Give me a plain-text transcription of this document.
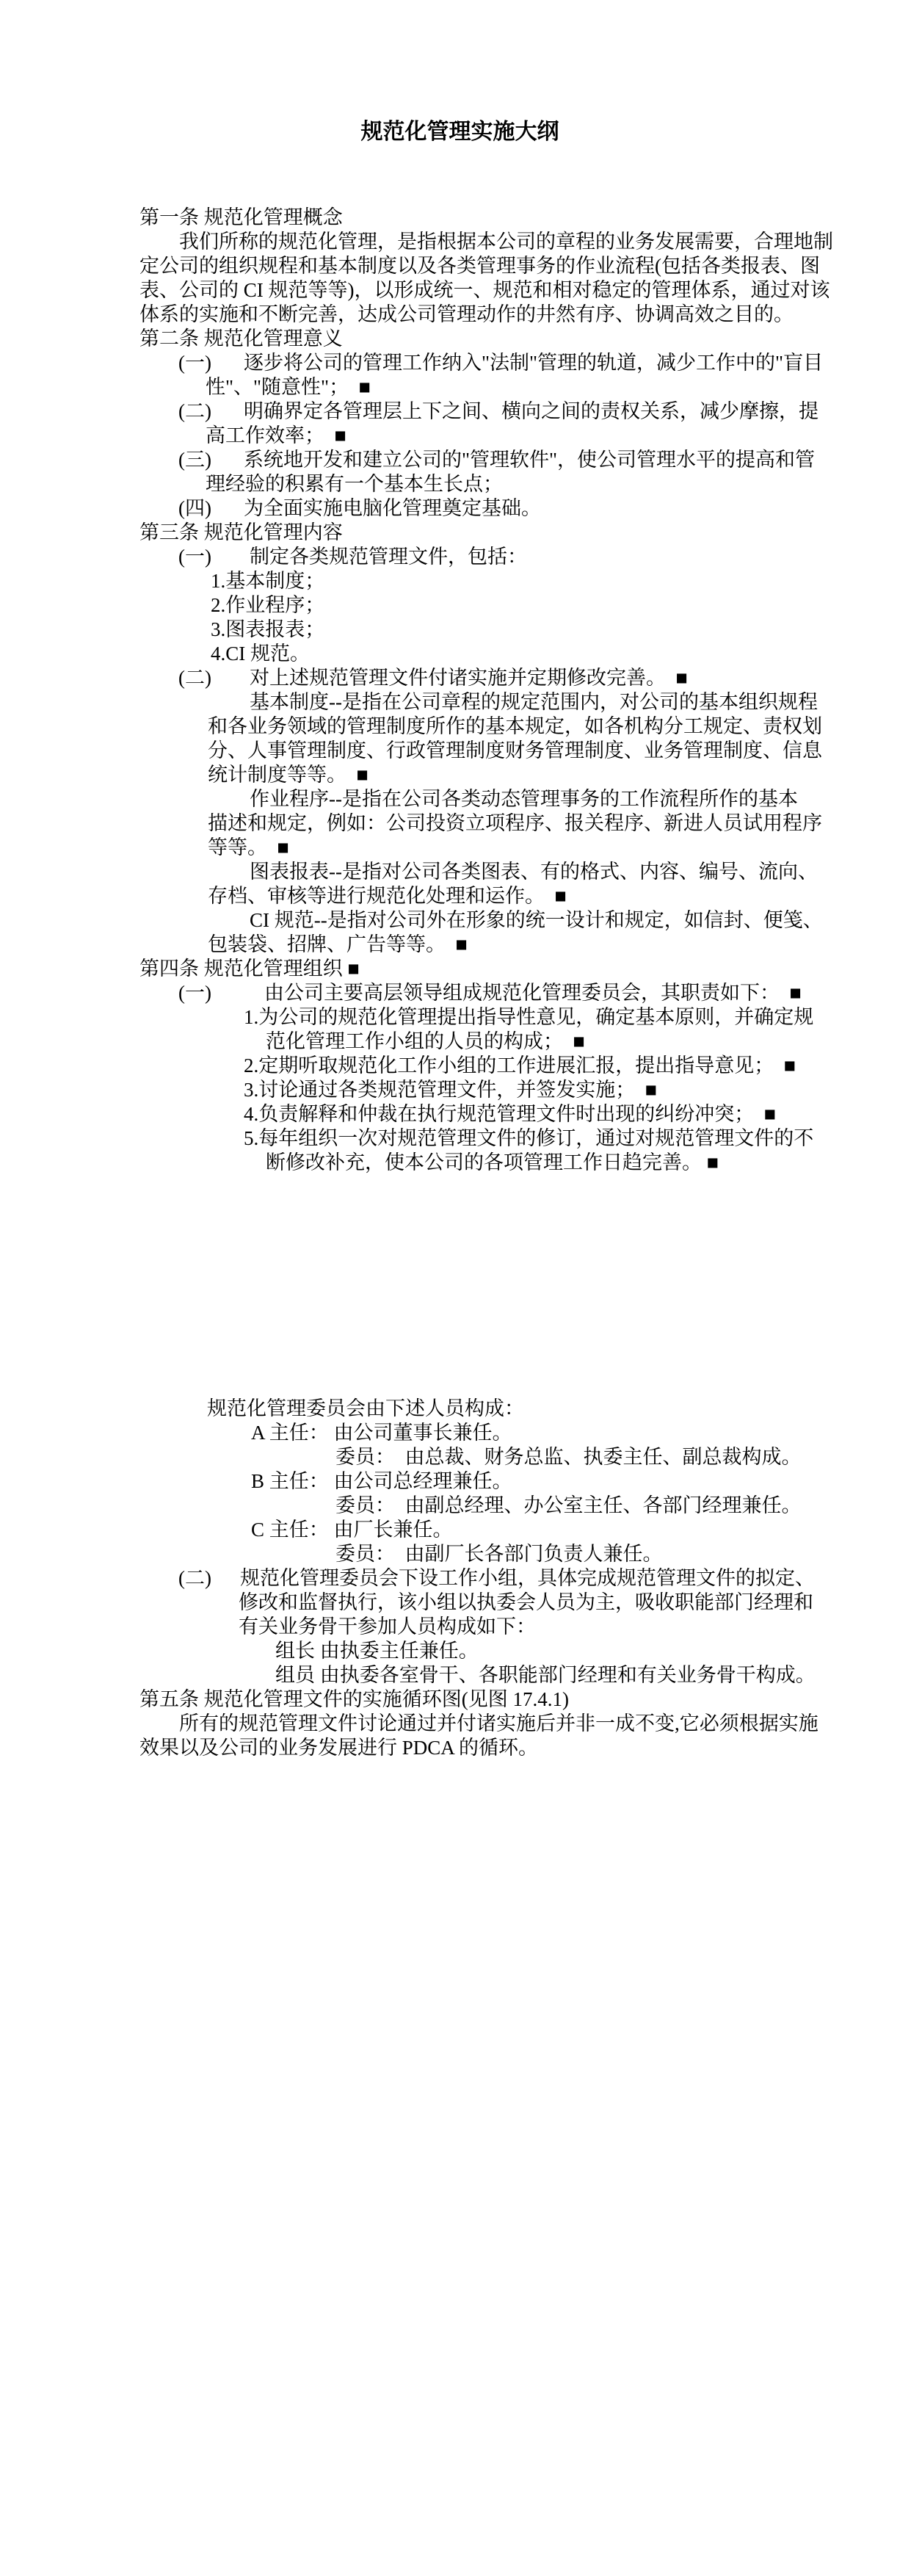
规范化管理实施大纲
第一条 规范化管理概念
我们所称的规范化管理，是指根据本公司的章程的业务发展需要，合理地制
定公司的组织规程和基本制度以及各类管理事务的作业流程(包括各类报表、图
表、公司的 CI 规范等等)，以形成统一、规范和相对稳定的管理体系，通过对该
体系的实施和不断完善，达成公司管理动作的井然有序、协调高效之目的。
第二条 规范化管理意义
(一) 逐步将公司的管理工作纳入"法制"管理的轨道，减少工作中的"盲目
性"、"随意性"；　■
(二) 明确界定各管理层上下之间、横向之间的责权关系，减少摩擦，提
高工作效率；　■
(三) 系统地开发和建立公司的"管理软件"，使公司管理水平的提高和管
理经验的积累有一个基本生长点；
(四) 为全面实施电脑化管理奠定基础。
第三条 规范化管理内容
(一) 制定各类规范管理文件，包括：
1.基本制度；
2.作业程序；
3.图表报表；
4.CI 规范。
(二) 对上述规范管理文件付诸实施并定期修改完善。　■
基本制度--是指在公司章程的规定范围内，对公司的基本组织规程
和各业务领域的管理制度所作的基本规定，如各机构分工规定、责权划
分、人事管理制度、行政管理制度财务管理制度、业务管理制度、信息
统计制度等等。　■
作业程序--是指在公司各类动态管理事务的工作流程所作的基本
描述和规定，例如：公司投资立项程序、报关程序、新进人员试用程序
等等。　■
图表报表--是指对公司各类图表、有的格式、内容、编号、流向、
存档、审核等进行规范化处理和运作。　■
CI 规范--是指对公司外在形象的统一设计和规定，如信封、便笺、
包装袋、招牌、广告等等。　■
第四条 规范化管理组织 ■
(一)	由公司主要高层领导组成规范化管理委员会，其职责如下：　■
1.为公司的规范化管理提出指导性意见，确定基本原则，并确定规
范化管理工作小组的人员的构成；　■
2.定期听取规范化工作小组的工作进展汇报，提出指导意见；　■
3.讨论通过各类规范管理文件，并签发实施；　■
4.负责解释和仲裁在执行规范管理文件时出现的纠纷冲突；　■
5.每年组织一次对规范管理文件的修订，通过对规范管理文件的不
断修改补充，使本公司的各项管理工作日趋完善。 ■
规范化管理委员会由下述人员构成：
A 主任： 由公司董事长兼任。
委员：　由总裁、财务总监、执委主任、副总裁构成。
B 主任： 由公司总经理兼任。
委员：　由副总经理、办公室主任、各部门经理兼任。
C 主任： 由厂长兼任。
委员：　由副厂长各部门负责人兼任。
(二) 规范化管理委员会下设工作小组，具体完成规范管理文件的拟定、
修改和监督执行，该小组以执委会人员为主，吸收职能部门经理和
有关业务骨干参加人员构成如下：
组长 由执委主任兼任。
组员 由执委各室骨干、各职能部门经理和有关业务骨干构成。
第五条 规范化管理文件的实施循环图(见图 17.4.1)
所有的规范管理文件讨论通过并付诸实施后并非一成不变,它必须根据实施
效果以及公司的业务发展进行 PDCA 的循环。
